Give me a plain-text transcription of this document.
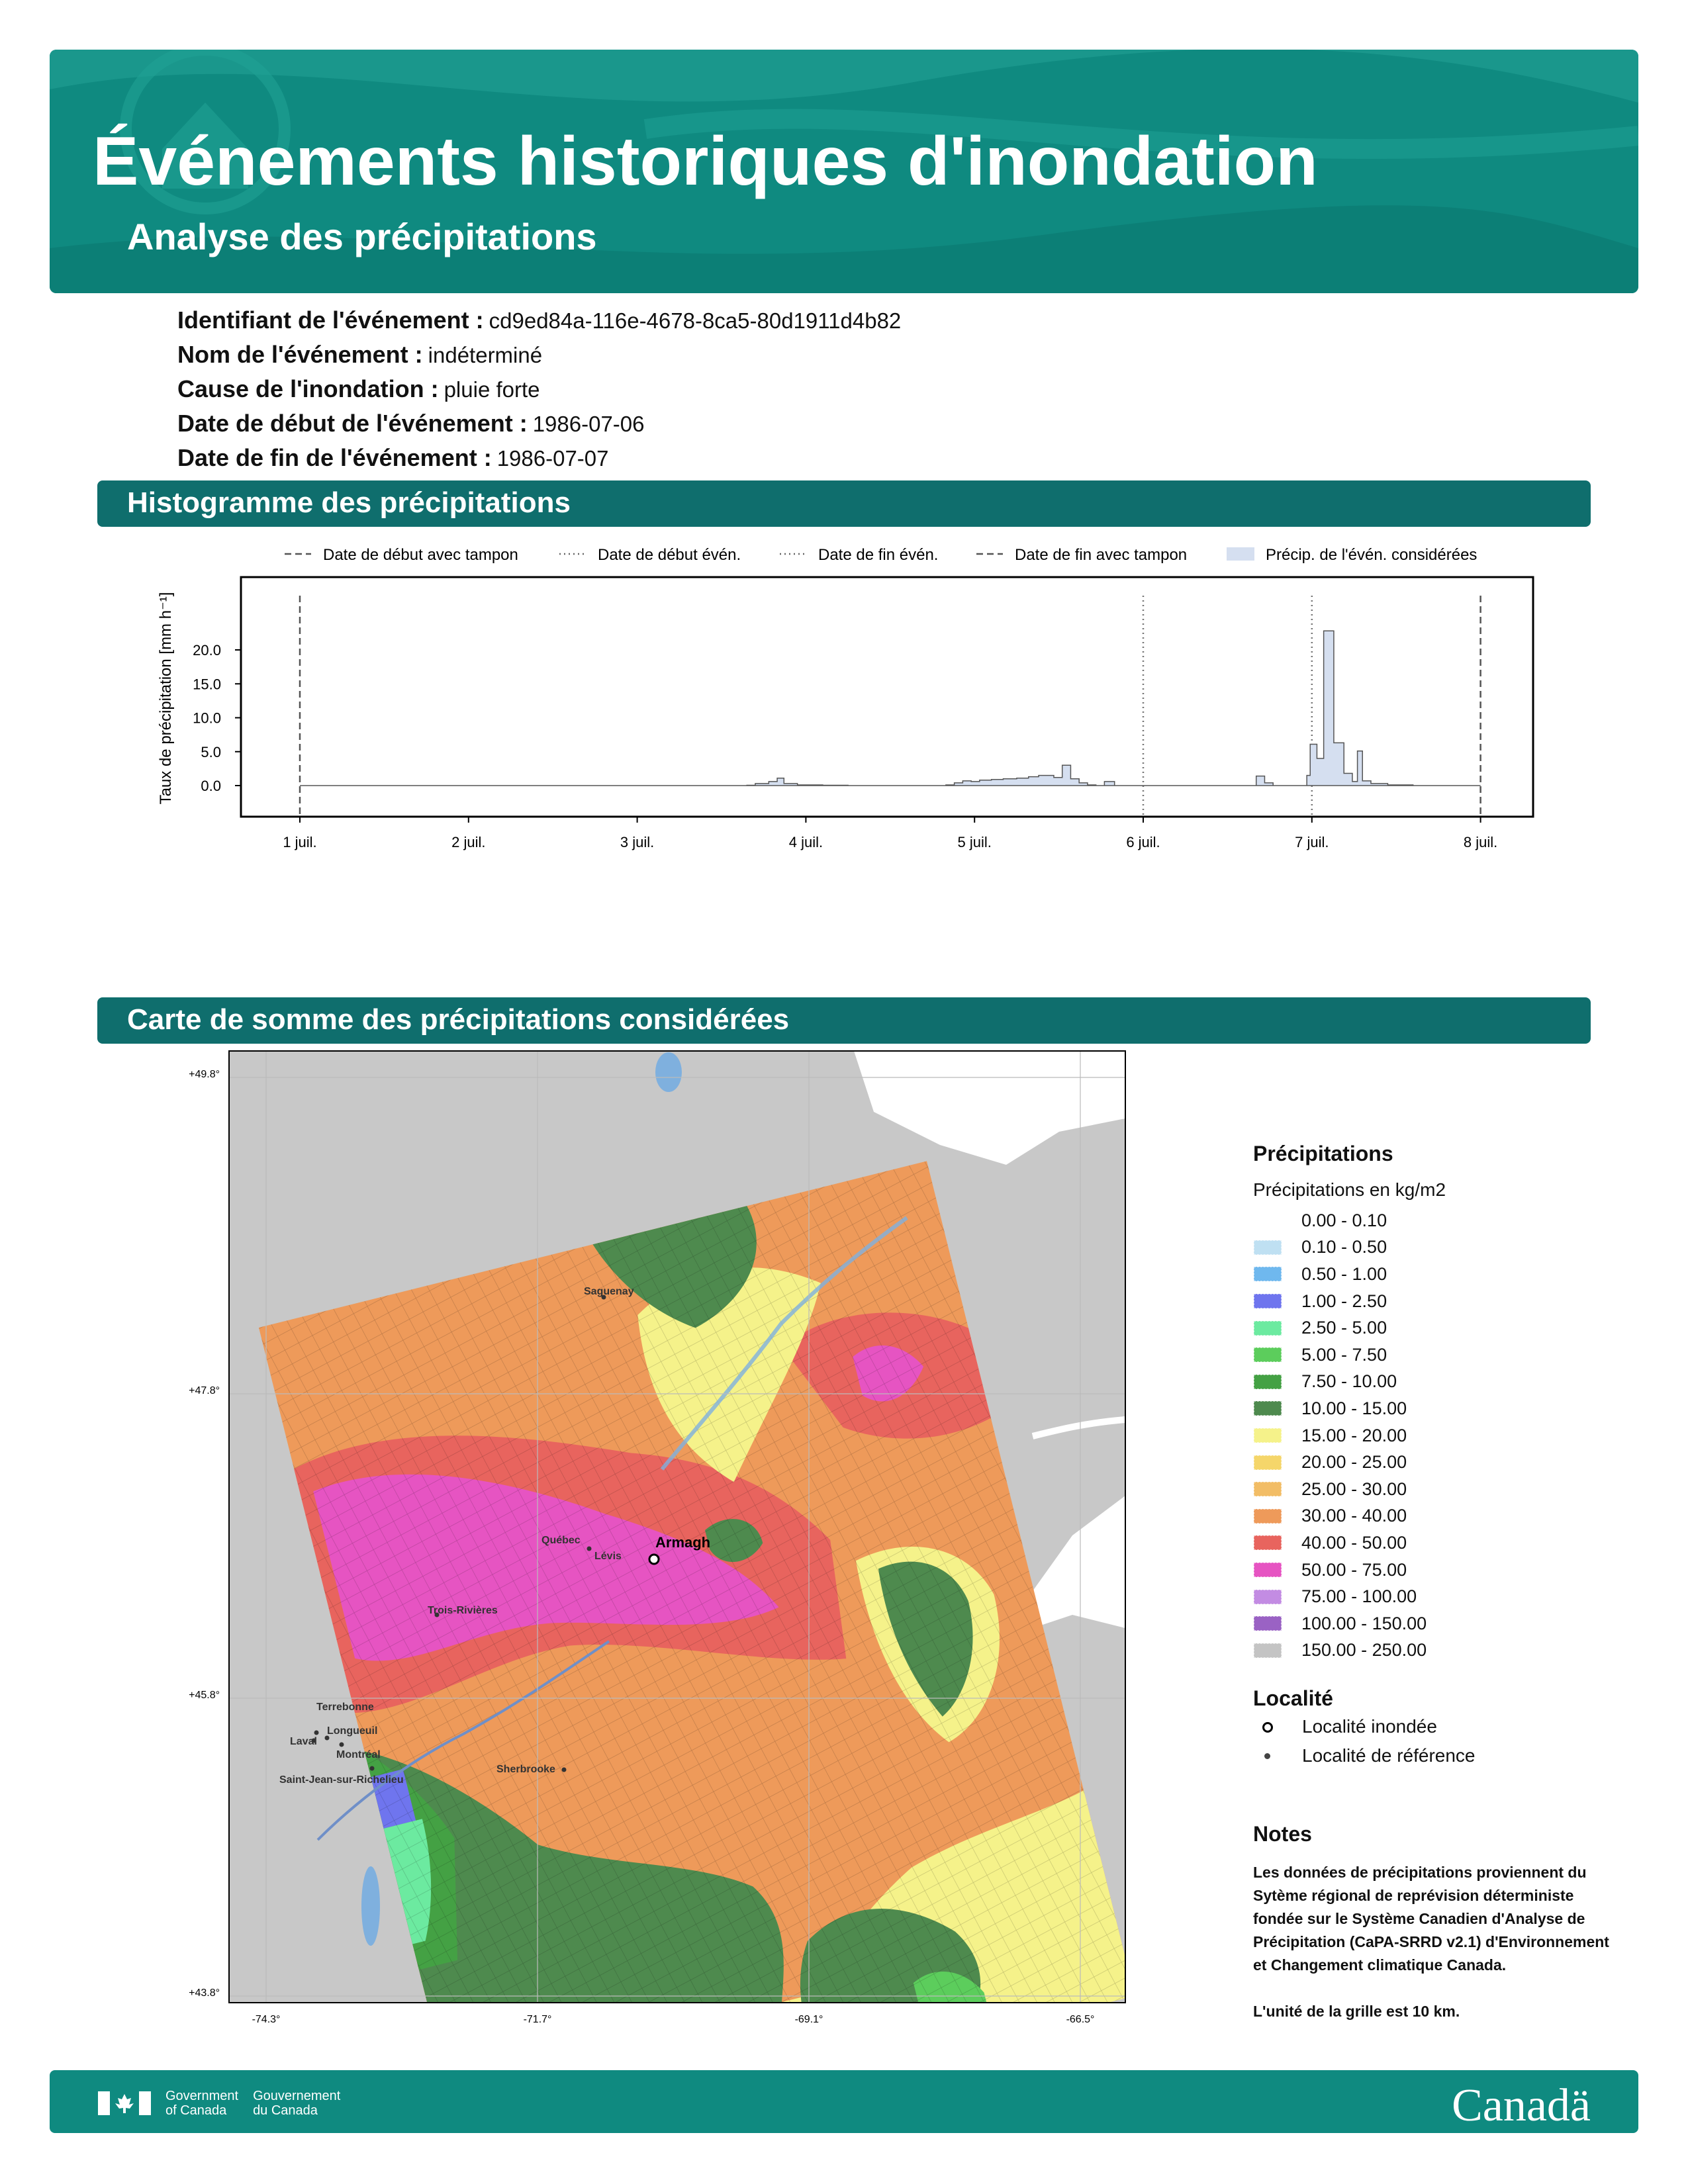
Événements historiques d'inondation
Analyse des précipitations
Identifiant de l'événement : cd9ed84a-116e-4678-8ca5-80d1911d4b82
Nom de l'événement : indéterminé
Cause de l'inondation : pluie forte
Date de début de l'événement : 1986-07-06
Date de fin de l'événement : 1986-07-07
Histogramme des précipitations
Date de début avec tampon	Date de début évén.	Date de fin évén.	Date de fin avec tampon	Précip. de l'évén. considérées
0.0
5.0
10.0
15.0
20.0
1 juil.	2 juil.	3 juil.	4 juil.	5 juil.	6 juil.	7 juil.	8 juil.
Taux de précipitation [mm h⁻¹]
Carte de somme des précipitations considérées
+49.8°
+47.8°
+45.8°
+43.8°
-74.3°	-71.7°	-69.1°	-66.5°
Saguenay
Québec
Lévis
Trois-Rivières
Terrebonne
Longueuil
Laval
Montréal
Saint-Jean-sur-Richelieu
Sherbrooke
Armagh
Précipitations
Précipitations en kg/m2
0.00 - 0.10
0.10 - 0.50
0.50 - 1.00
1.00 - 2.50
2.50 - 5.00
5.00 - 7.50
7.50 - 10.00
10.00 - 15.00
15.00 - 20.00
20.00 - 25.00
25.00 - 30.00
30.00 - 40.00
40.00 - 50.00
50.00 - 75.00
75.00 - 100.00
100.00 - 150.00
150.00 - 250.00
Localité
Localité inondée
Localité de référence
Notes
Les données de précipitations proviennent du Sytème régional de reprévision déterministe fondée sur le Système Canadien d'Analyse de Précipitation (CaPA-SRRD v2.1) d'Environnement et Changement climatique Canada.
L'unité de la grille est 10 km.
Government
of Canada
Gouvernement
du Canada	Canadä
